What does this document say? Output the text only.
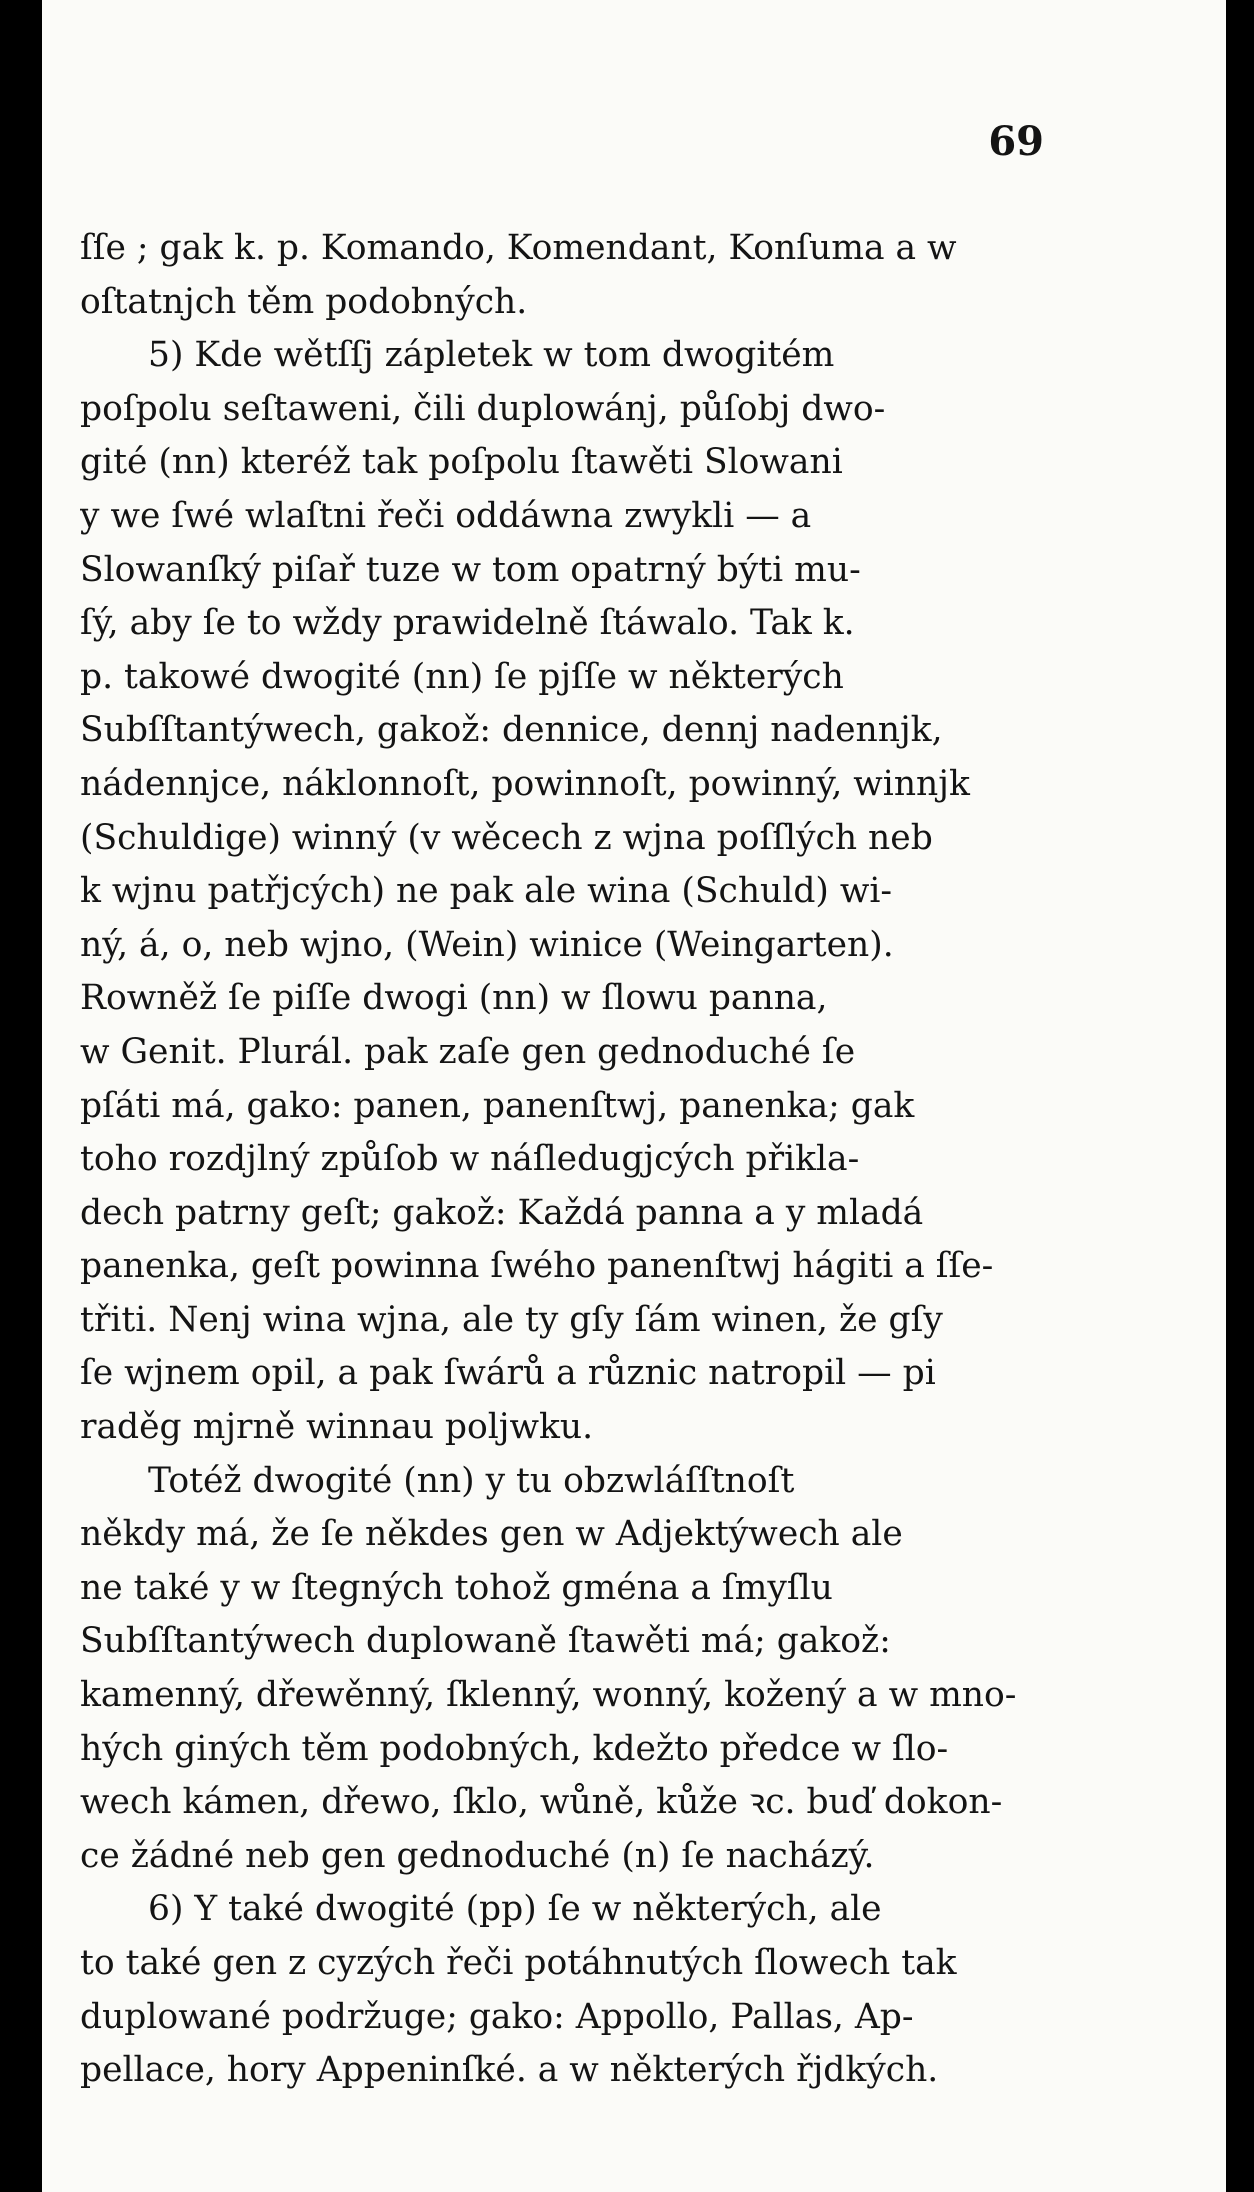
69
ſſe ; gak k. p. Komando, Komendant, Konſuma a w
oſtatnjch těm podobných.
5) Kde wětſſj zápletek w tom dwogitém
poſpolu seſtaweni, čili duplowánj, půſobj dwo-
gité (nn) kteréž tak poſpolu ſtawěti Slowani
y we ſwé wlaſtni řeči oddáwna zwykli — a
Slowanſký piſař tuze w tom opatrný býti mu-
ſý, aby ſe to wždy prawidelně ſtáwalo. Tak k.
p. takowé dwogité (nn) ſe pjſſe w některých
Subſſtantýwech, gakož: dennice, dennj nadennjk,
nádennjce, náklonnoſt, powinnoſt, powinný, winnjk
(Schuldige) winný (v wěcech z wjna poſſlých neb
k wjnu patřjcých) ne pak ale wina (Schuld) wi-
ný, á, o, neb wjno, (Wein) winice (Weingarten).
Rowněž ſe piſſe dwogi (nn) w ſlowu panna,
w Genit. Plurál. pak zaſe gen gednoduché ſe
pſáti má, gako: panen, panenſtwj, panenka; gak
toho rozdjlný způſob w náſledugjcých přikla-
dech patrny geſt; gakož: Každá panna a y mladá
panenka, geſt powinna ſwého panenſtwj hágiti a ſſe-
třiti. Nenj wina wjna, ale ty gſy ſám winen, že gſy
ſe wjnem opil, a pak ſwárů a různic natropil — pi
raděg mjrně winnau poljwku.
Totéž dwogité (nn) y tu obzwláſſtnoſt
někdy má, že ſe někdes gen w Adjektýwech ale
ne také y w ſtegných tohož gména a ſmyſlu
Subſſtantýwech duplowaně ſtawěti má; gakož:
kamenný, dřewěnný, ſklenný, wonný, kožený a w mno-
hých giných těm podobných, kdežto předce w ſlo-
wech kámen, dřewo, ſklo, wůně, kůže ꝛc. buď dokon-
ce žádné neb gen gednoduché (n) ſe nacházý.
6) Y také dwogité (pp) ſe w některých, ale
to také gen z cyzých řeči potáhnutých ſlowech tak
duplowané podržuge; gako: Appollo, Pallas, Ap-
pellace, hory Appeninſké. a w některých řjdkých.
